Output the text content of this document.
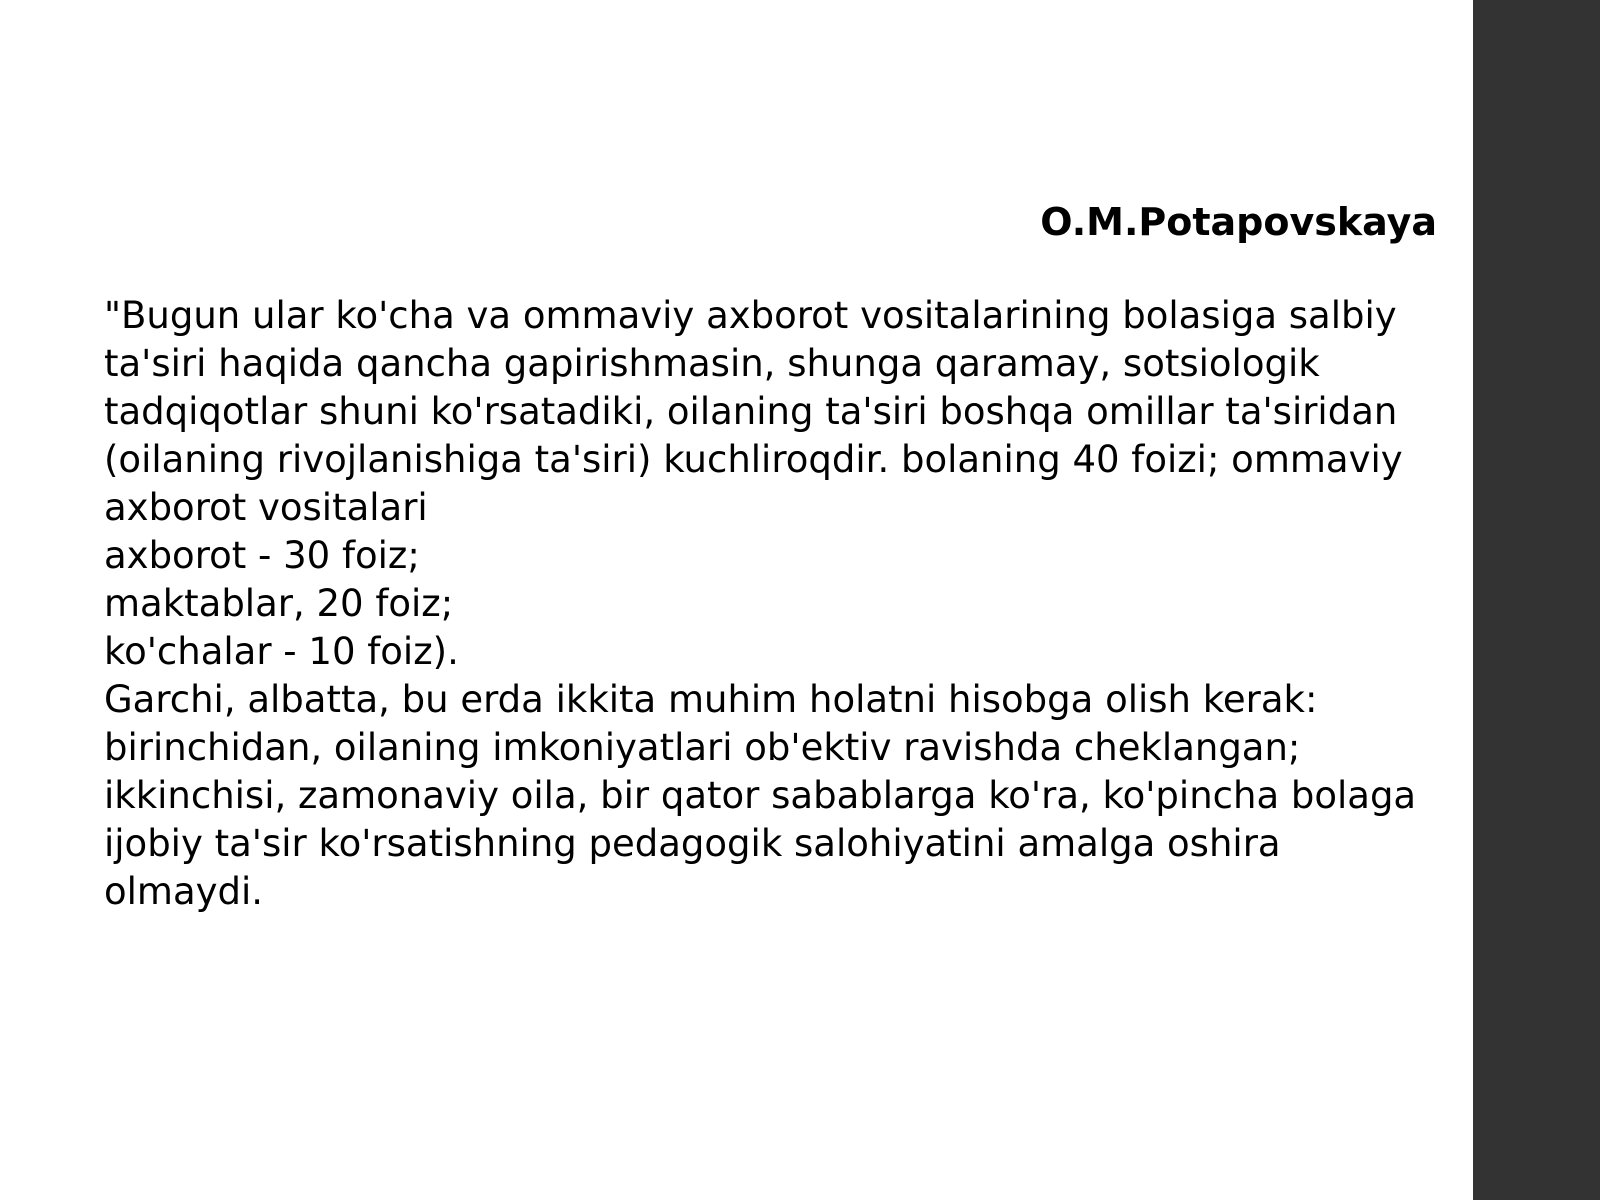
O.M.Potapovskaya

"Bugun ular ko'cha va ommaviy axborot vositalarining bolasiga salbiy
ta'siri haqida qancha gapirishmasin, shunga qaramay, sotsiologik
tadqiqotlar shuni ko'rsatadiki, oilaning ta'siri boshqa omillar ta'siridan
(oilaning rivojlanishiga ta'siri) kuchliroqdir. bolaning 40 foizi; ommaviy
axborot vositalari
axborot - 30 foiz;
maktablar, 20 foiz;
ko'chalar - 10 foiz).
Garchi, albatta, bu erda ikkita muhim holatni hisobga olish kerak:
birinchidan, oilaning imkoniyatlari ob'ektiv ravishda cheklangan;
ikkinchisi, zamonaviy oila, bir qator sabablarga ko'ra, ko'pincha bolaga
ijobiy ta'sir ko'rsatishning pedagogik salohiyatini amalga oshira
olmaydi.
